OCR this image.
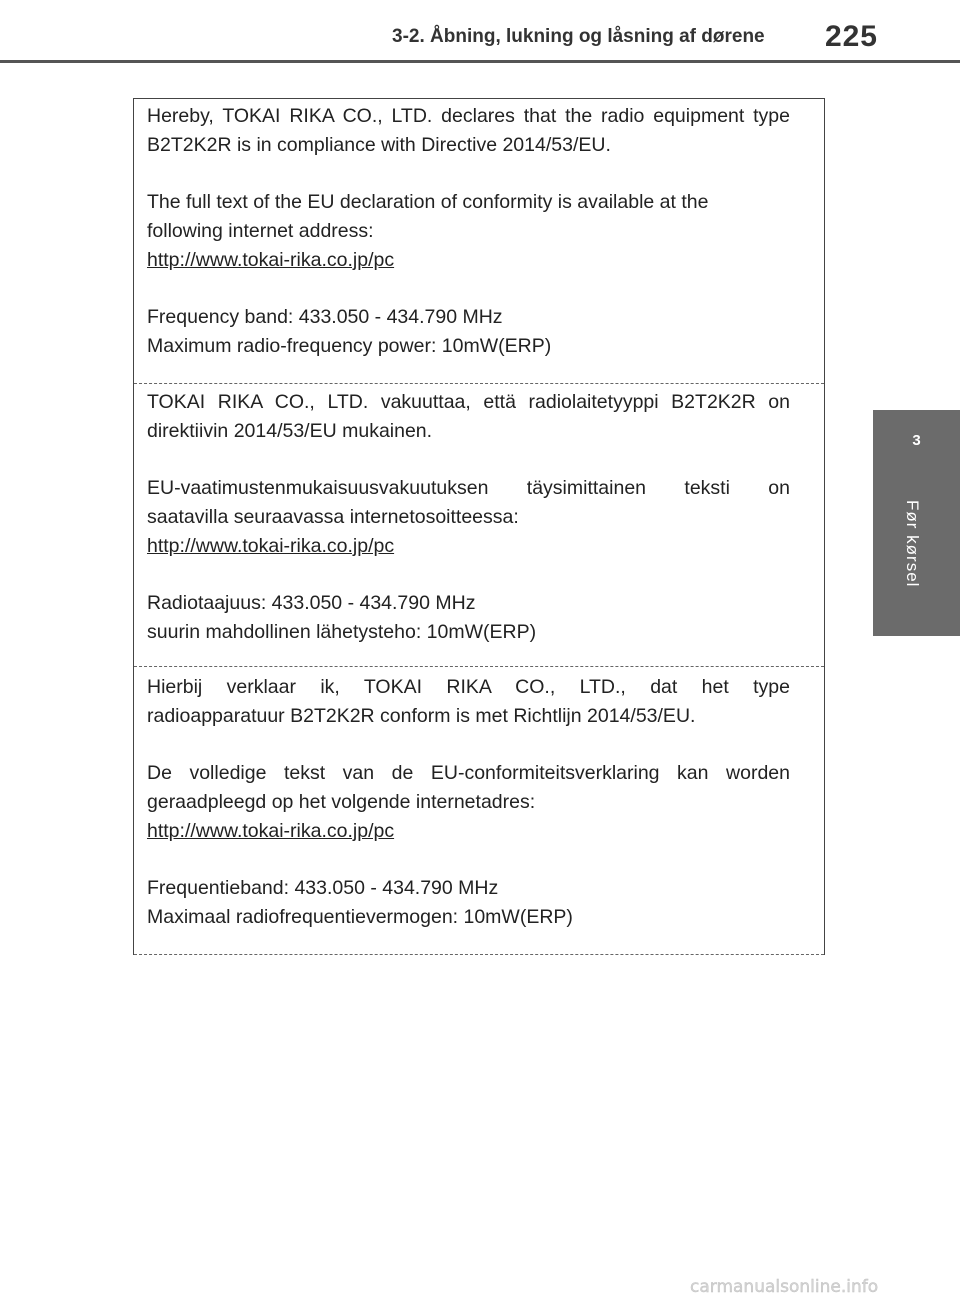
3-2. Åbning, lukning og låsning af dørene 225
3
Før kørsel

Hereby, TOKAI RIKA CO., LTD. declares that the radio equipment type

B2T2K2R is in compliance with Directive 2014/53/EU.

The full text of the EU declaration of conformity is available at the

following internet address:

http://www.tokai-rika.co.jp/pc

Frequency band: 433.050 - 434.790 MHz

Maximum radio-frequency power: 10mW(ERP)

TOKAI RIKA CO., LTD. vakuuttaa, että radiolaitetyyppi B2T2K2R on

direktiivin 2014/53/EU mukainen.

EU-vaatimustenmukaisuusvakuutuksen täysimittainen teksti on

saatavilla seuraavassa internetosoitteessa:

http://www.tokai-rika.co.jp/pc

Radiotaajuus: 433.050 - 434.790 MHz

suurin mahdollinen lähetysteho: 10mW(ERP)

Hierbij verklaar ik, TOKAI RIKA CO., LTD., dat het type

radioapparatuur B2T2K2R conform is met Richtlijn 2014/53/EU.

De volledige tekst van de EU-conformiteitsverklaring kan worden

geraadpleegd op het volgende internetadres:

http://www.tokai-rika.co.jp/pc

Frequentieband: 433.050 - 434.790 MHz

Maximaal radiofrequentievermogen: 10mW(ERP)

carmanualsonline.info
